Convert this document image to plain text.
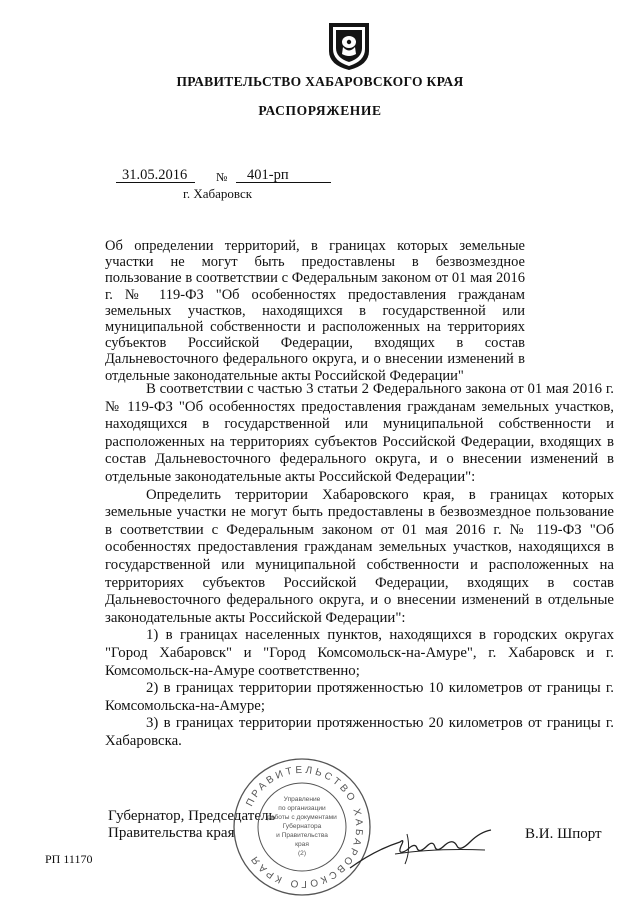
ПРАВИТЕЛЬСТВО ХАБАРОВСКОГО КРАЯ
РАСПОРЯЖЕНИЕ
31.05.2016 № 401-рп
г. Хабаровск
Об определении территорий, в границах которых земельные участки не могут быть предоставлены в безвозмездное пользование в соответствии с Федеральным законом от 01 мая 2016 г. № 119-ФЗ "Об особенностях предоставления гражданам земельных участков, находящихся в государственной или муниципальной собственности и расположенных на территориях субъектов Российской Федерации, входящих в состав Дальневосточного федерального округа, и о внесении изменений в отдельные законодательные акты Российской Федерации"

В соответствии с частью 3 статьи 2 Федерального закона от 01 мая 2016 г. № 119-ФЗ "Об особенностях предоставления гражданам земельных участков, находящихся в государственной или муниципальной собственности и расположенных на территориях субъектов Российской Федерации, входящих в состав Дальневосточного федерального округа, и о внесении изменений в отдельные законодательные акты Российской Федерации":

Определить территории Хабаровского края, в границах которых земельные участки не могут быть предоставлены в безвозмездное пользование в соответствии с Федеральным законом от 01 мая 2016 г. № 119-ФЗ "Об особенностях предоставления гражданам земельных участков, находящихся в государственной или муниципальной собственности и расположенных на территориях субъектов Российской Федерации, входящих в состав Дальневосточного федерального округа, и о внесении изменений в отдельные законодательные акты Российской Федерации":

1) в границах населенных пунктов, находящихся в городских округах "Город Хабаровск" и "Город Комсомольск-на-Амуре", г. Хабаровск и г. Комсомольск-на-Амуре соответственно;

2) в границах территории протяженностью 10 километров от границы г. Комсомольска-на-Амуре;

3) в границах территории протяженностью 20 километров от границы г. Хабаровска.

Губернатор, Председатель
Правительства края	В.И. Шпорт
РП 11170
ПРАВИТЕЛЬСТВО ХАБАРОВСКОГО КРАЯ
Управление
по организации
работы с документами
Губернатора
и Правительства
края
(2)
